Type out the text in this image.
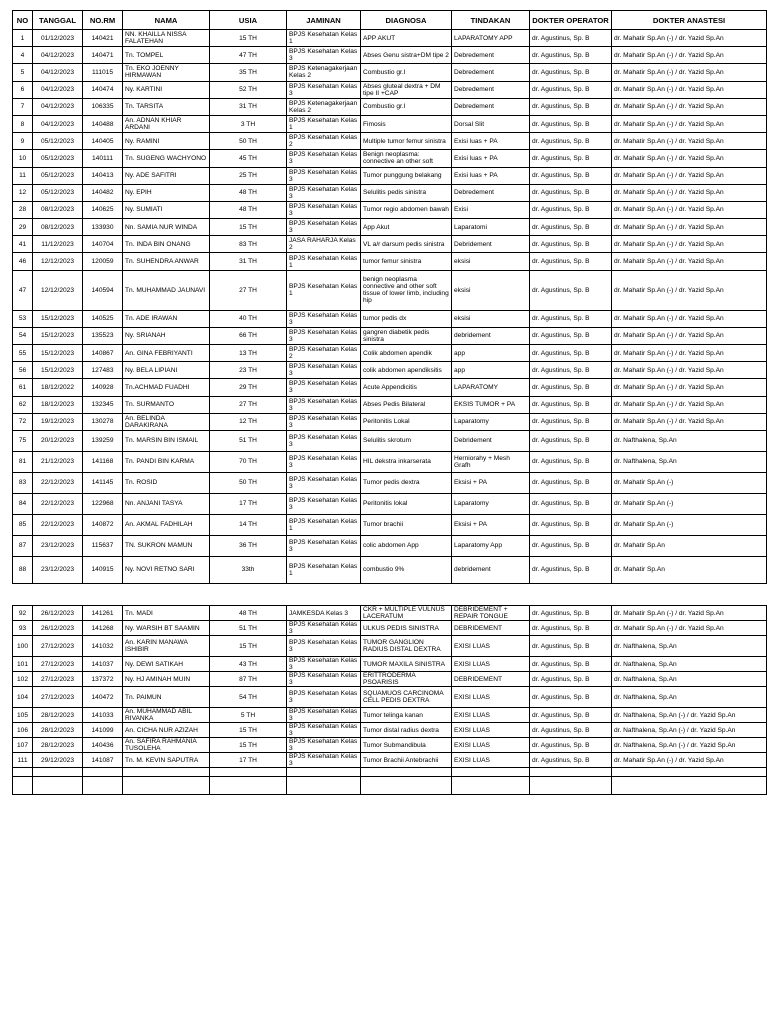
NO	TANGGAL	NO.RM	NAMA	USIA	JAMINAN	DIAGNOSA	TINDAKAN	DOKTER OPERATOR	DOKTER ANASTESI
1	01/12/2023	140421	NN. KHAILLA NISSA FALATEHAN	15 TH	BPJS Kesehatan Kelas 1	APP AKUT	LAPARATOMY APP	dr. Agustinus, Sp. B	dr. Mahatir Sp.An (-) / dr. Yazid Sp.An
4	04/12/2023	140471	Tn. TOMPEL	47 TH	BPJS Kesehatan Kelas 3	Abses Genu sistra+DM tipe 2	Debredement	dr. Agustinus, Sp. B	dr. Mahatir Sp.An (-) / dr. Yazid Sp.An
5	04/12/2023	111015	Tn. EKO JOENNY HIRMAWAN	35 TH	BPJS Ketenagakerjaan Kelas 2	Combustio gr.I	Debredement	dr. Agustinus, Sp. B	dr. Mahatir Sp.An (-) / dr. Yazid Sp.An
6	04/12/2023	140474	Ny. KARTINI	52 TH	BPJS Kesehatan Kelas 3	Abses gluteal dextra + DM tipe II +CAP	Debredement	dr. Agustinus, Sp. B	dr. Mahatir Sp.An (-) / dr. Yazid Sp.An
7	04/12/2023	106335	Tn. TARSITA	31 TH	BPJS Ketenagakerjaan Kelas 2	Combustio gr.I	Debredement	dr. Agustinus, Sp. B	dr. Mahatir Sp.An (-) / dr. Yazid Sp.An
8	04/12/2023	140488	An. ADNAN KHIAR ARDANI	3 TH	BPJS Kesehatan Kelas 1	Fimosis	Dorsal Slit	dr. Agustinus, Sp. B	dr. Mahatir Sp.An (-) / dr. Yazid Sp.An
9	05/12/2023	140405	Ny. RAMINI	50 TH	BPJS Kesehatan Kelas 2	Multiple tumor femur sinistra	Exisi luas + PA	dr. Agustinus, Sp. B	dr. Mahatir Sp.An (-) / dr. Yazid Sp.An
10	05/12/2023	140111	Tn. SUGENG WACHYONO	45 TH	BPJS Kesehatan Kelas 3	Benign neoplasma: connective an other soft	Exisi luas + PA	dr. Agustinus, Sp. B	dr. Mahatir Sp.An (-) / dr. Yazid Sp.An
11	05/12/2023	140413	Ny. ADE SAFITRI	25 TH	BPJS Kesehatan Kelas 3	Tumor punggung belakang	Exisi luas + PA	dr. Agustinus, Sp. B	dr. Mahatir Sp.An (-) / dr. Yazid Sp.An
12	05/12/2023	140482	Ny. EPIH	48 TH	BPJS Kesehatan Kelas 3	Selulitis pedis sinistra	Debredement	dr. Agustinus, Sp. B	dr. Mahatir Sp.An (-) / dr. Yazid Sp.An
28	08/12/2023	140625	Ny. SUMIATI	48 TH	BPJS Kesehatan Kelas 3	Tumor regio abdomen bawah	Exisi	dr. Agustinus, Sp. B	dr. Mahatir Sp.An (-) / dr. Yazid Sp.An
29	08/12/2023	133930	Nn. SAMIA NUR WINDA	15 TH	BPJS Kesehatan Kelas 3	App Akut	Laparatomi	dr. Agustinus, Sp. B	dr. Mahatir Sp.An (-) / dr. Yazid Sp.An
41	11/12/2023	140704	Tn. INDA BIN ONANG	83 TH	JASA RAHARJA Kelas 2	VL a/r darsum pedis sinistra	Debridement	dr. Agustinus, Sp. B	dr. Mahatir Sp.An (-) / dr. Yazid Sp.An
46	12/12/2023	120059	Tn. SUHENDRA ANWAR	31 TH	BPJS Kesehatan Kelas 1	tumor femur sinistra	eksisi	dr. Agustinus, Sp. B	dr. Mahatir Sp.An (-) / dr. Yazid Sp.An
47	12/12/2023	140594	Tn. MUHAMMAD JAUNAVI	27 TH	BPJS Kesehatan Kelas 1	benign neoplasma connective and other soft tissue of lower limb, including hip	eksisi	dr. Agustinus, Sp. B	dr. Mahatir Sp.An (-) / dr. Yazid Sp.An
53	15/12/2023	140525	Tn. ADE IRAWAN	40 TH	BPJS Kesehatan Kelas 3	tumor pedis dx	eksisi	dr. Agustinus, Sp. B	dr. Mahatir Sp.An (-) / dr. Yazid Sp.An
54	15/12/2023	135523	Ny. SRIANAH	66 TH	BPJS Kesehatan Kelas 3	gangren diabetik pedis sinistra	debridement	dr. Agustinus, Sp. B	dr. Mahatir Sp.An (-) / dr. Yazid Sp.An
55	15/12/2023	140867	An. GINA FEBRIYANTI	13 TH	BPJS Kesehatan Kelas 2	Colik abdomen apendik	app	dr. Agustinus, Sp. B	dr. Mahatir Sp.An (-) / dr. Yazid Sp.An
56	15/12/2023	127483	Ny. BELA LIPIANI	23 TH	BPJS Kesehatan Kelas 3	colik abdomen apendiksitis	app	dr. Agustinus, Sp. B	dr. Mahatir Sp.An (-) / dr. Yazid Sp.An
61	18/12/2022	140928	Tn.ACHMAD FUADHI	29 TH	BPJS Kesehatan Kelas 3	Acute Appendicitis	LAPARATOMY	dr. Agustinus, Sp. B	dr. Mahatir Sp.An (-) / dr. Yazid Sp.An
62	18/12/2023	132345	Tn. SURMANTO	27 TH	BPJS Kesehatan Kelas 3	Abses Pedis Bilateral	EKSIS TUMOR + PA	dr. Agustinus, Sp. B	dr. Mahatir Sp.An (-) / dr. Yazid Sp.An
72	19/12/2023	130278	An. BELINDA DARAKIRANA	12 TH	BPJS Kesehatan Kelas 3	Peritonitis Lokal	Laparatomy	dr. Agustinus, Sp. B	dr. Mahatir Sp.An (-) / dr. Yazid Sp.An
75	20/12/2023	139259	Tn. MARSIN BIN ISMAIL	51 TH	BPJS Kesehatan Kelas 3	Selulitis skrotum	Debridement	dr. Agustinus, Sp. B	dr. Nafthalena, Sp.An
81	21/12/2023	141168	Tn. PANDI BIN KARMA	70 TH	BPJS Kesehatan Kelas 3	HIL dekstra inkarserata	Herniorahy + Mesh Grafh	dr. Agustinus, Sp. B	dr. Nafthalena, Sp.An
83	22/12/2023	141145	Tn. ROSID	50 TH	BPJS Kesehatan Kelas 3	Tumor pedis dextra	Eksisi + PA	dr. Agustinus, Sp. B	dr. Mahatir Sp.An (-)
84	22/12/2023	122968	Nn. ANJANI TASYA	17 TH	BPJS Kesehatan Kelas 3	Peritonitis lokal	Laparatomy	dr. Agustinus, Sp. B	dr. Mahatir Sp.An (-)
85	22/12/2023	140872	An. AKMAL FADHILAH	14 TH	BPJS Kesehatan Kelas 1	Tumor brachii	Eksisi + PA	dr. Agustinus, Sp. B	dr. Mahatir Sp.An (-)
87	23/12/2023	115637	TN. SUKRON MAMUN	36 TH	BPJS Kesehatan Kelas 3	colic abdomen App	Laparatomy App	dr. Agustinus, Sp. B	dr. Mahatir Sp.An
88	23/12/2023	140915	Ny. NOVI RETNO SARI	33th	BPJS Kesehatan Kelas 1	combustio 9%	debridement	dr. Agustinus, Sp. B	dr. Mahatir Sp.An
92	26/12/2023	141261	Tn. MADI	48 TH	JAMKESDA Kelas 3	CKR + MULTIPLE VULNUS LACERATUM	DEBRIDEMENT + REPAIR TONGUE	dr. Agustinus, Sp. B	dr. Mahatir Sp.An (-) / dr. Yazid Sp.An
93	26/12/2023	141268	Ny. WARSIH BT SAAMIN	51 TH	BPJS Kesehatan Kelas 3	ULKUS PEDIS SINISTRA	DEBRIDEMENT	dr. Agustinus, Sp. B	dr. Mahatir Sp.An (-) / dr. Yazid Sp.An
100	27/12/2023	141032	An. KARIN MANAWA ISHIBIR	15 TH	BPJS Kesehatan Kelas 3	TUMOR GANGLION RADIUS DISTAL DEXTRA	EXISI LUAS	dr. Agustinus, Sp. B	dr. Nafthalena, Sp.An
101	27/12/2023	141037	Ny. DEWI SATIKAH	43 TH	BPJS Kesehatan Kelas 3	TUMOR MAXILA SINISTRA	EXISI LUAS	dr. Agustinus, Sp. B	dr. Nafthalena, Sp.An
102	27/12/2023	137372	Ny. HJ AMINAH MUIN	87 TH	BPJS Kesehatan Kelas 3	ERITTRODERMA PSOARISIS	DEBRIDEMENT	dr. Agustinus, Sp. B	dr. Nafthalena, Sp.An
104	27/12/2023	140472	Tn. PAIMUN	54 TH	BPJS Kesehatan Kelas 3	SQUAMUOS CARCINOMA CELL PEDIS DEXTRA	EXISI LUAS	dr. Agustinus, Sp. B	dr. Nafthalena, Sp.An
105	28/12/2023	141033	An. MUHAMMAD ABIL RIVANKA	5 TH	BPJS Kesehatan Kelas 3	Tumor telinga kanan	EXISI LUAS	dr. Agustinus, Sp. B	dr. Nafthalena, Sp.An (-) / dr. Yazid Sp.An
106	28/12/2023	141099	An. CICHA NUR AZIZAH	15 TH	BPJS Kesehatan Kelas 3	Tumor distal radius dextra	EXISI LUAS	dr. Agustinus, Sp. B	dr. Nafthalena, Sp.An (-) / dr. Yazid Sp.An
107	28/12/2023	140436	An. SAFIRA RAHMANIA TUSOLEHA	15 TH	BPJS Kesehatan Kelas 3	Tumor Submandibula	EXISI LUAS	dr. Agustinus, Sp. B	dr. Nafthalena, Sp.An (-) / dr. Yazid Sp.An
111	29/12/2023	141087	Tn. M. KEVIN SAPUTRA	17 TH	BPJS Kesehatan Kelas 3	Tumor Brachii Antebrachii	EXISI LUAS	dr. Agustinus, Sp. B	dr. Mahatir Sp.An (-) / dr. Yazid Sp.An
